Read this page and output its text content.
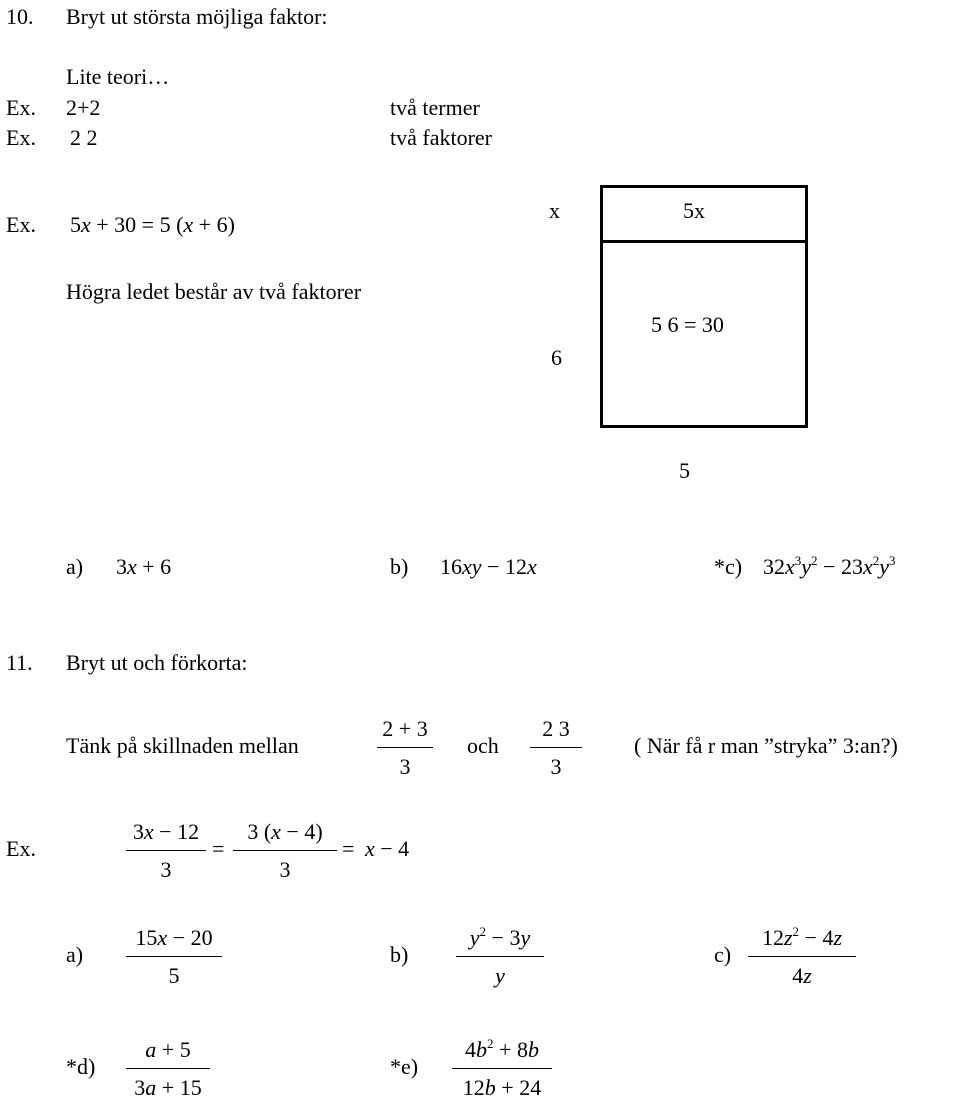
10. Bryt ut största möjliga faktor:
Lite teori…
Ex. 2+2	två termer
Ex. 2 2	två faktorer
Ex. 5x + 30 = 5 (x + 6)
Högra ledet består av två faktorer
x
6
5x
5 6 = 30
5
a) 3x + 6	b) 16xy − 12x	*c) $32x^3y^2 - 23x^2y^3$
11. Bryt ut och förkorta:
Tänk på skillnaden mellan
2 + 3
3
och
2 3
3
( När få r man ”stryka” 3:an?)
Ex.
3x − 12
3
=
3 (x − 4)
3
= x − 4
a)
15x − 20
5
b)
$y^2 - 3y$
y
c)
$12z^2 - 4z$
4z
*d)
a + 5
3a + 15
*e)
$4b^2 + 8b$
12b + 24
